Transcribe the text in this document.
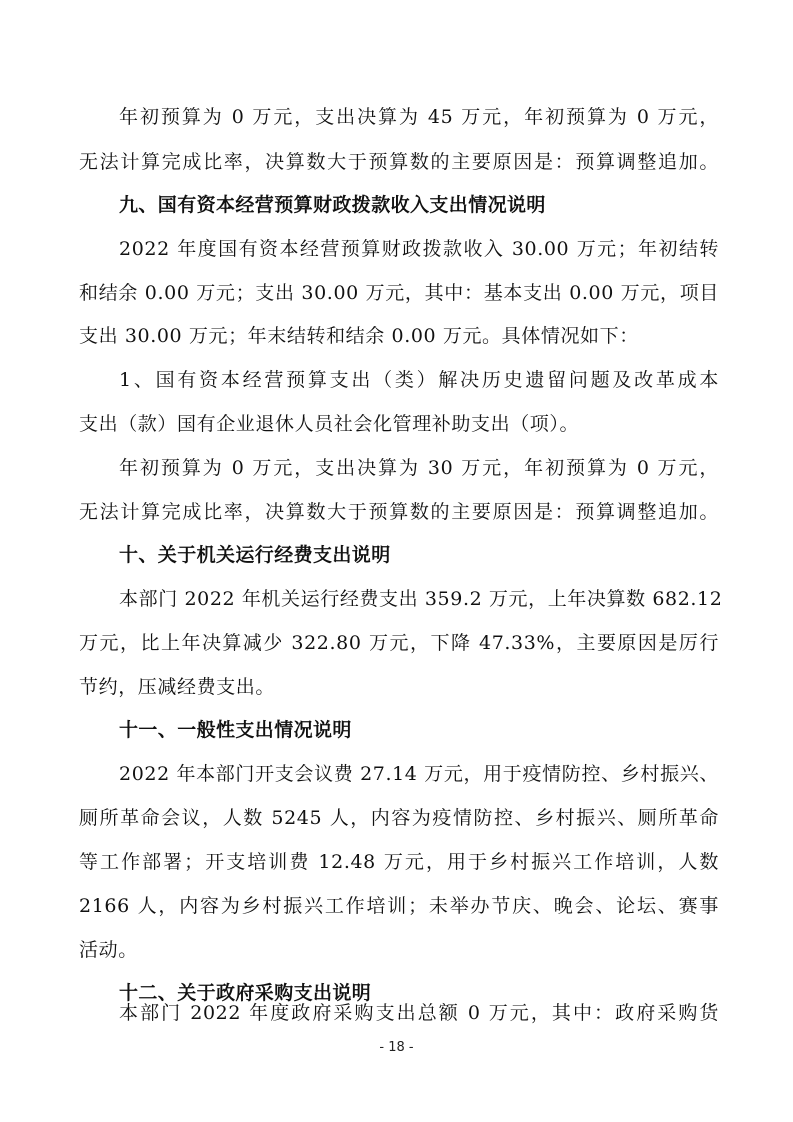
年初预算为 0 万元，支出决算为 45 万元，年初预算为 0 万元，
无法计算完成比率，决算数大于预算数的主要原因是：预算调整追加。
九、国有资本经营预算财政拨款收入支出情况说明
2022 年度国有资本经营预算财政拨款收入 30.00 万元；年初结转
和结余 0.00 万元；支出 30.00 万元，其中：基本支出 0.00 万元，项目
支出 30.00 万元；年末结转和结余 0.00 万元。具体情况如下：
1、国有资本经营预算支出（类）解决历史遗留问题及改革成本
支出（款）国有企业退休人员社会化管理补助支出（项）。
年初预算为 0 万元，支出决算为 30 万元，年初预算为 0 万元，
无法计算完成比率，决算数大于预算数的主要原因是：预算调整追加。
十、关于机关运行经费支出说明
本部门 2022 年机关运行经费支出 359.2 万元，上年决算数 682.12
万元，比上年决算减少 322.80 万元，下降 47.33%，主要原因是厉行
节约，压减经费支出。
十一、一般性支出情况说明
2022 年本部门开支会议费 27.14 万元，用于疫情防控、乡村振兴、
厕所革命会议，人数 5245 人，内容为疫情防控、乡村振兴、厕所革命
等工作部署；开支培训费 12.48 万元，用于乡村振兴工作培训，人数
2166 人，内容为乡村振兴工作培训；未举办节庆、晚会、论坛、赛事
活动。
十二、关于政府采购支出说明
本部门 2022 年度政府采购支出总额 0 万元，其中：政府采购货
- 18 -
